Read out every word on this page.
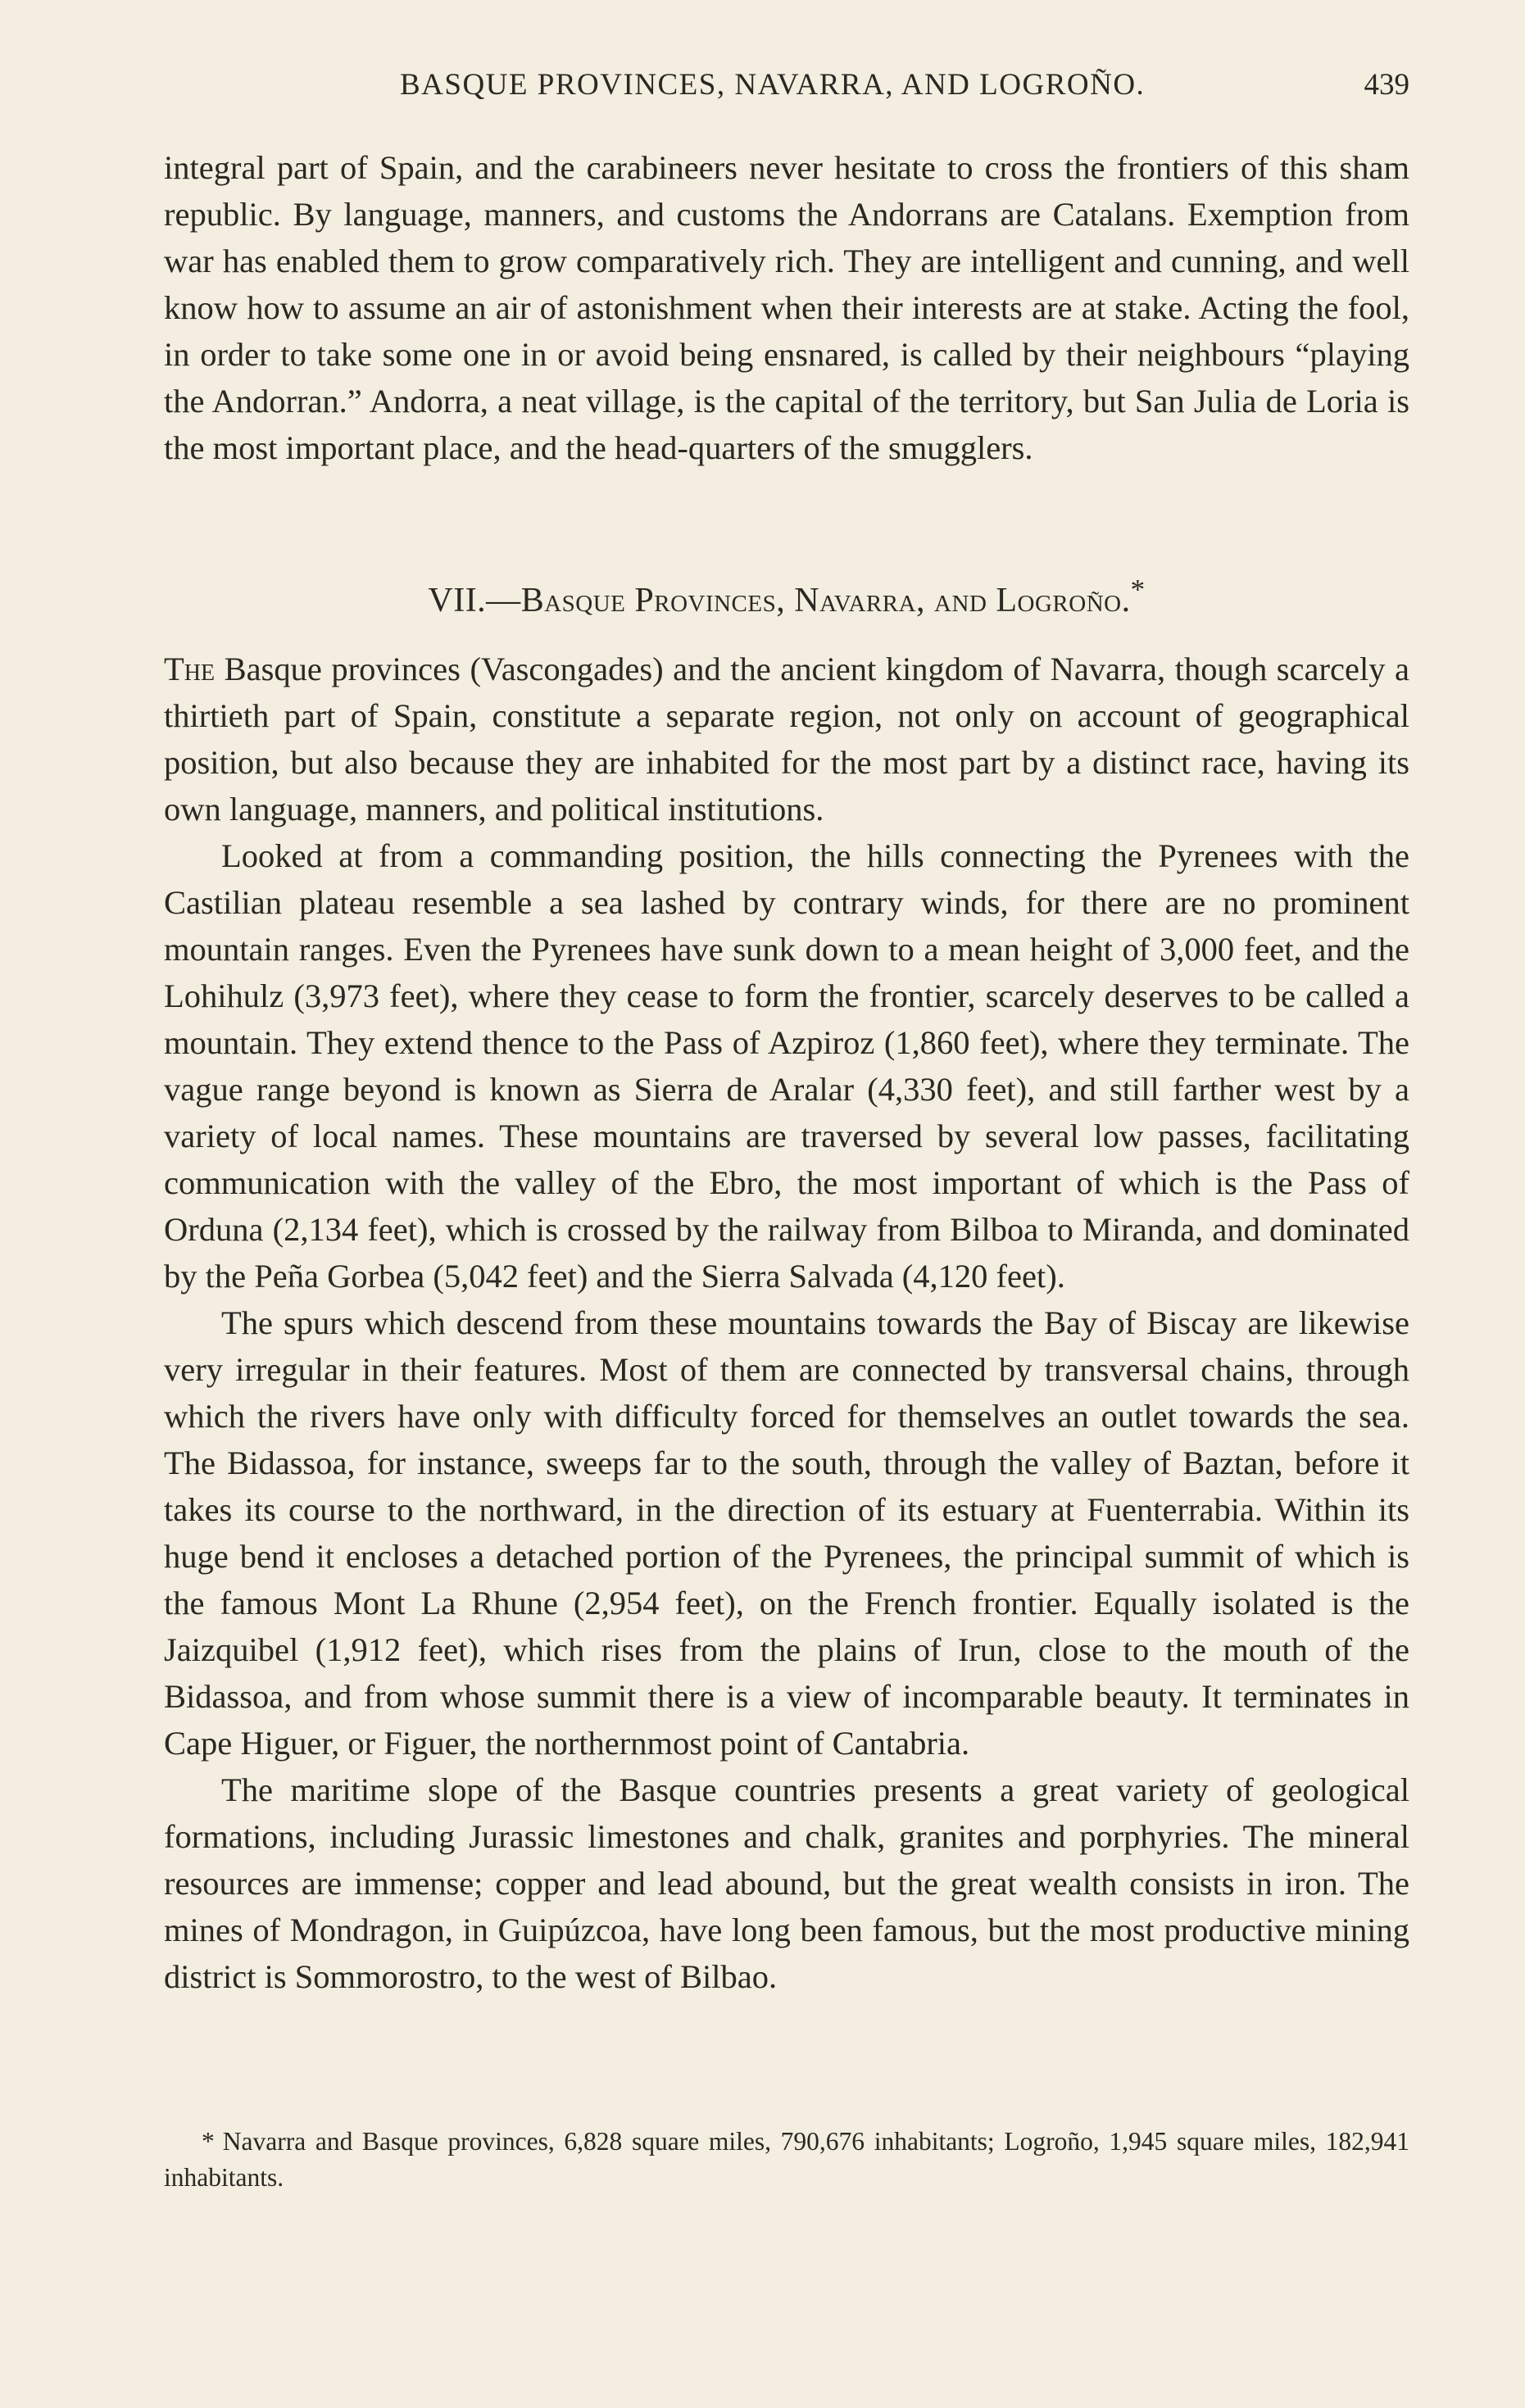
BASQUE PROVINCES, NAVARRA, AND LOGROÑO.	439

integral part of Spain, and the carabineers never hesitate to cross the frontiers of this sham republic. By language, manners, and customs the Andorrans are Catalans. Exemption from war has enabled them to grow comparatively rich. They are intelligent and cunning, and well know how to assume an air of astonishment when their interests are at stake. Acting the fool, in order to take some one in or avoid being ensnared, is called by their neighbours “playing the Andorran.” Andorra, a neat village, is the capital of the territory, but San Julia de Loria is the most important place, and the head-quarters of the smugglers.

VII.—Basque Provinces, Navarra, and Logroño.*

The Basque provinces (Vascongades) and the ancient kingdom of Navarra, though scarcely a thirtieth part of Spain, constitute a separate region, not only on account of geographical position, but also because they are inhabited for the most part by a distinct race, having its own language, manners, and political institutions.

Looked at from a commanding position, the hills connecting the Pyrenees with the Castilian plateau resemble a sea lashed by contrary winds, for there are no prominent mountain ranges. Even the Pyrenees have sunk down to a mean height of 3,000 feet, and the Lohihulz (3,973 feet), where they cease to form the frontier, scarcely deserves to be called a mountain. They extend thence to the Pass of Azpiroz (1,860 feet), where they terminate. The vague range beyond is known as Sierra de Aralar (4,330 feet), and still farther west by a variety of local names. These mountains are traversed by several low passes, facilitating communication with the valley of the Ebro, the most important of which is the Pass of Orduna (2,134 feet), which is crossed by the railway from Bilboa to Miranda, and dominated by the Peña Gorbea (5,042 feet) and the Sierra Salvada (4,120 feet).

The spurs which descend from these mountains towards the Bay of Biscay are likewise very irregular in their features. Most of them are connected by transversal chains, through which the rivers have only with difficulty forced for themselves an outlet towards the sea. The Bidassoa, for instance, sweeps far to the south, through the valley of Baztan, before it takes its course to the northward, in the direction of its estuary at Fuenterrabia. Within its huge bend it encloses a detached portion of the Pyrenees, the principal summit of which is the famous Mont La Rhune (2,954 feet), on the French frontier. Equally isolated is the Jaizquibel (1,912 feet), which rises from the plains of Irun, close to the mouth of the Bidassoa, and from whose summit there is a view of incomparable beauty. It terminates in Cape Higuer, or Figuer, the northernmost point of Cantabria.

The maritime slope of the Basque countries presents a great variety of geological formations, including Jurassic limestones and chalk, granites and porphyries. The mineral resources are immense; copper and lead abound, but the great wealth consists in iron. The mines of Mondragon, in Guipúzcoa, have long been famous, but the most productive mining district is Sommorostro, to the west of Bilbao.

* Navarra and Basque provinces, 6,828 square miles, 790,676 inhabitants; Logroño, 1,945 square miles, 182,941 inhabitants.
